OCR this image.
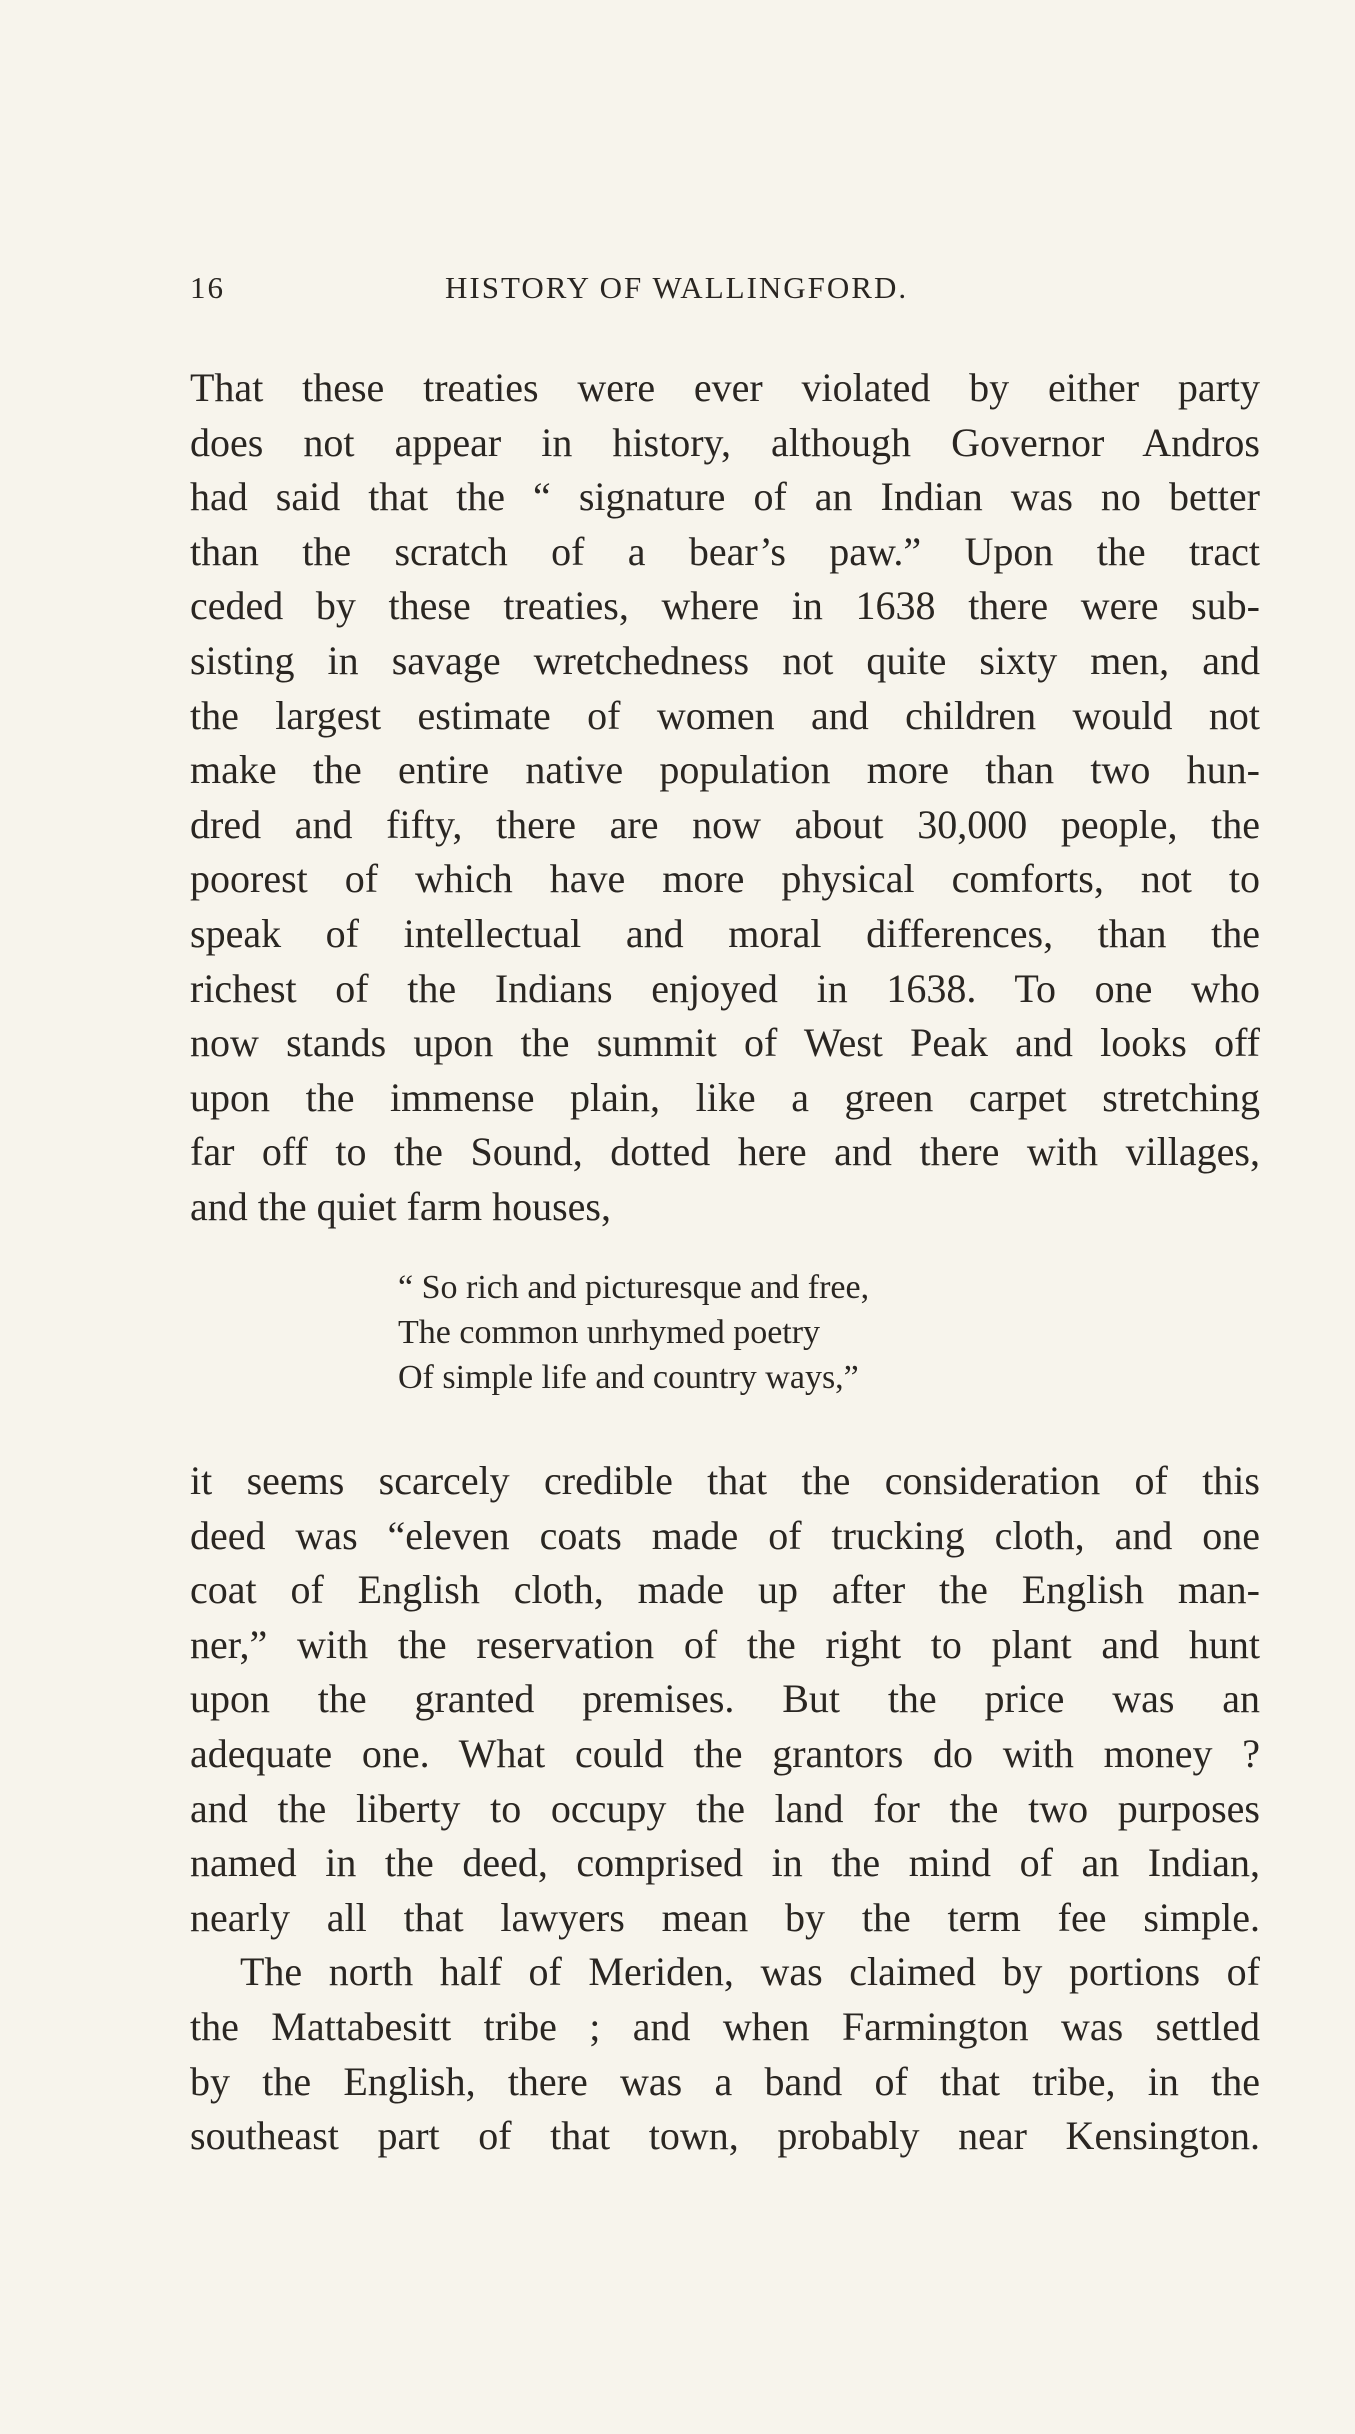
16	HISTORY OF WALLINGFORD.
That these treaties were ever violated by either party
does not appear in history, although Governor Andros
had said that the “ signature of an Indian was no better
than the scratch of a bear’s paw.” Upon the tract
ceded by these treaties, where in 1638 there were sub-
sisting in savage wretchedness not quite sixty men, and
the largest estimate of women and children would not
make the entire native population more than two hun-
dred and fifty, there are now about 30,000 people, the
poorest of which have more physical comforts, not to
speak of intellectual and moral differences, than the
richest of the Indians enjoyed in 1638. To one who
now stands upon the summit of West Peak and looks off
upon the immense plain, like a green carpet stretching
far off to the Sound, dotted here and there with villages,
and the quiet farm houses,
“ So rich and picturesque and free,
The common unrhymed poetry
Of simple life and country ways,”
it seems scarcely credible that the consideration of this
deed was “eleven coats made of trucking cloth, and one
coat of English cloth, made up after the English man-
ner,” with the reservation of the right to plant and hunt
upon the granted premises. But the price was an
adequate one. What could the grantors do with money ?
and the liberty to occupy the land for the two purposes
named in the deed, comprised in the mind of an Indian,
nearly all that lawyers mean by the term fee simple.
The north half of Meriden, was claimed by portions of
the Mattabesitt tribe ; and when Farmington was settled
by the English, there was a band of that tribe, in the
southeast part of that town, probably near Kensington.
